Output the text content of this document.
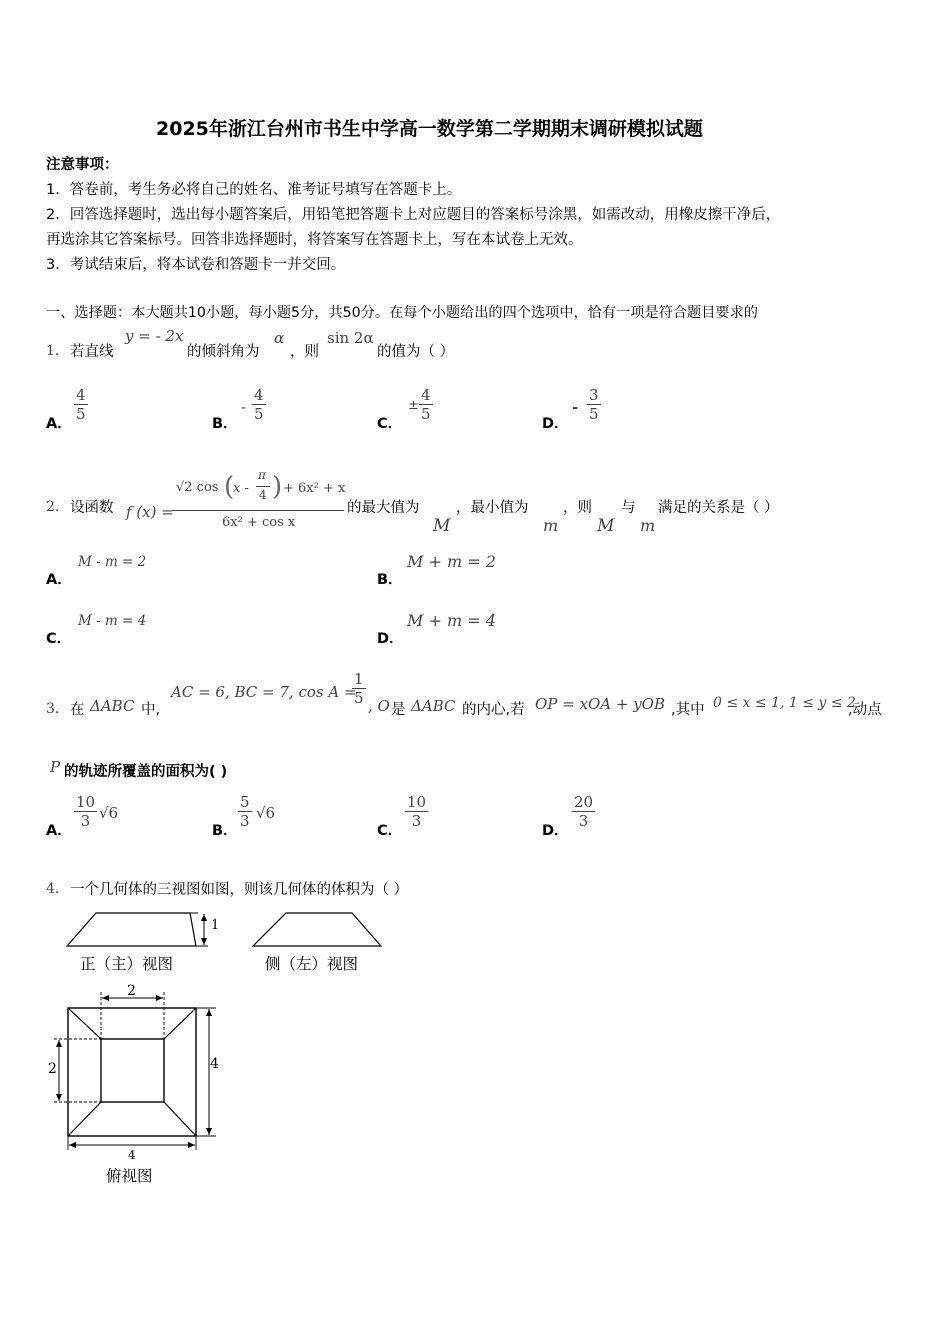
2025年浙江台州市书生中学高一数学第二学期期末调研模拟试题
注意事项：
1．答卷前，考生务必将自己的姓名、准考证号填写在答题卡上。
2．回答选择题时，选出每小题答案后，用铅笔把答题卡上对应题目的答案标号涂黑，如需改动，用橡皮擦干净后，
再选涂其它答案标号。回答非选择题时，将答案写在答题卡上，写在本试卷上无效。
3．考试结束后，将本试卷和答题卡一并交回。
一、选择题：本大题共10小题，每小题5分，共50分。在每个小题给出的四个选项中，恰有一项是符合题目要求的
1． 若直线
y = - 2x
的倾斜角为
α
，则
sin 2α
的值为（ ）
A．
$\frac{4}{5}$
B．
- $\frac{4}{5}$
C．
± $\frac{4}{5}$
D．
- $\frac{3}{5}$
2． 设函数 f (x) =
√2 cos (
x -
π
4 ) + 6x² + x
6x² + cos x
的最大值为
M
，最小值为
m
，则
M
与
m
满足的关系是（ ）
A．
M - m = 2
B．
M + m = 2
C．
M - m = 4
D．
M + m = 4
3． 在 ΔABC 中,
AC = 6, BC = 7, cos A =
$\frac{1}{5}$ , O 是 ΔABC 的内心,若 OP = xOA + yOB ,其中 0 ≤ x ≤ 1, 1 ≤ y ≤ 2
,动点
P 的轨迹所覆盖的面积为( )
A．
$\frac{10}{3} √6$
B．
$\frac{5}{3} √6$
C．
$\frac{10}{3}$
D．
$\frac{20}{3}$
4． 一个几何体的三视图如图，则该几何体的体积为（ ）
1
正（主）视图	侧（左）视图
2
2	4
4
俯视图
